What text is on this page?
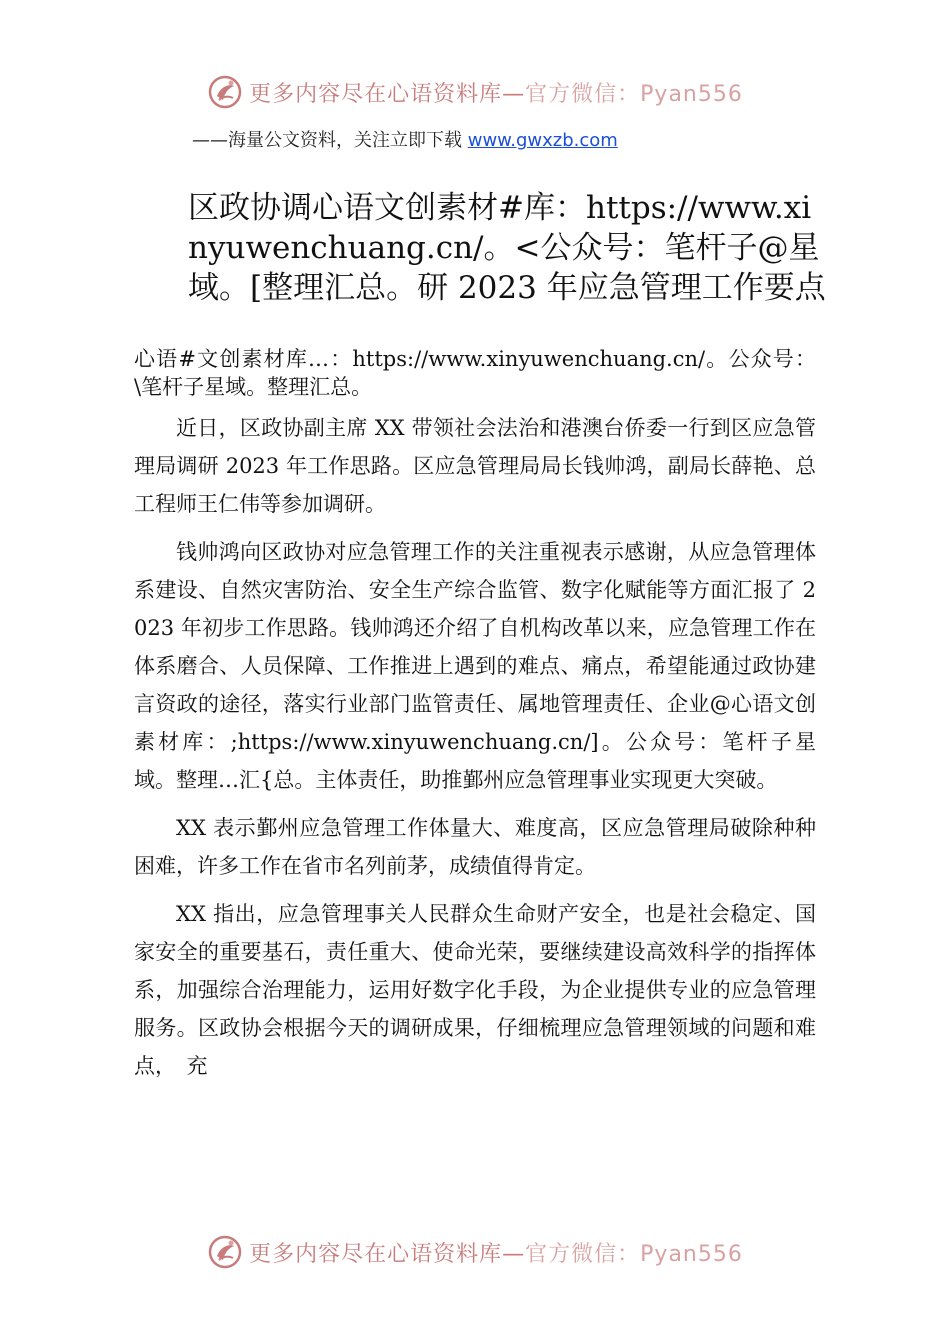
更多内容尽在心语资料库—官方微信：Pyan556
——海量公文资料，关注立即下载 www.gwxzb.com
区政协调心语文创素材#库：https://www.xinyuwenchuang.cn/。<公众号：笔杆子@星域。[整理汇总。研 2023 年应急管理工作要点

心语#文创素材库…：https://www.xinyuwenchuang.cn/。公众号：\笔杆子星域。整理汇总。

近日，区政协副主席 XX 带领社会法治和港澳台侨委一行到区应急管理局调研 2023 年工作思路。区应急管理局局长钱帅鸿，副局长薛艳、总工程师王仁伟等参加调研。

钱帅鸿向区政协对应急管理工作的关注重视表示感谢，从应急管理体系建设、自然灾害防治、安全生产综合监管、数字化赋能等方面汇报了 2023 年初步工作思路。钱帅鸿还介绍了自机构改革以来，应急管理工作在体系磨合、人员保障、工作推进上遇到的难点、痛点，希望能通过政协建言资政的途径，落实行业部门监管责任、属地管理责任、企业@心语文创素材库：;https://www.xinyuwenchuang.cn/]。公众号：笔杆子星域。整理…汇{总。主体责任，助推鄞州应急管理事业实现更大突破。

XX 表示鄞州应急管理工作体量大、难度高，区应急管理局破除种种困难，许多工作在省市名列前茅，成绩值得肯定。

XX 指出，应急管理事关人民群众生命财产安全，也是社会稳定、国家安全的重要基石，责任重大、使命光荣，要继续建设高效科学的指挥体系，加强综合治理能力，运用好数字化手段，为企业提供专业的应急管理服务。区政协会根据今天的调研成果，仔细梳理应急管理领域的问题和难点，　充

更多内容尽在心语资料库—官方微信：Pyan556
